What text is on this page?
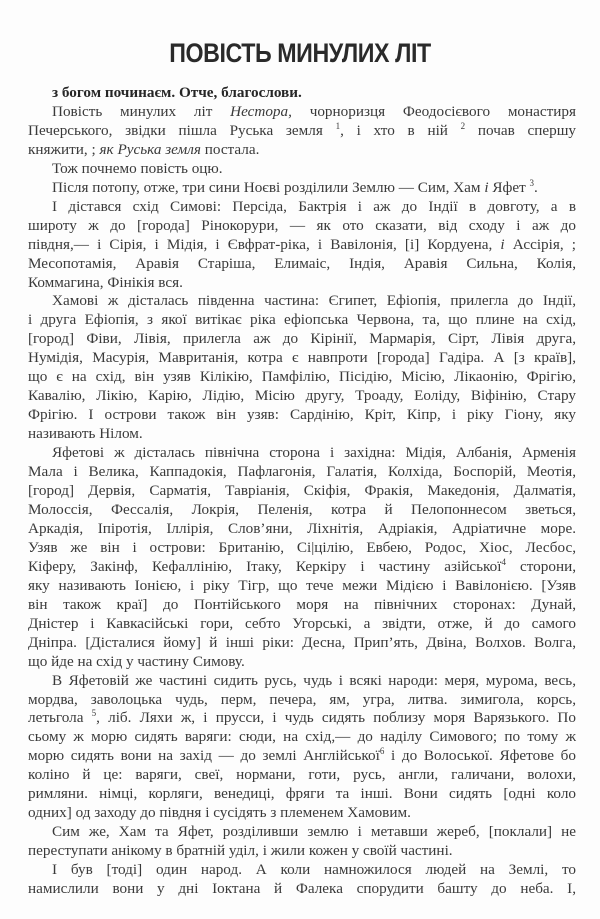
ПОВІСТЬ МИНУЛИХ ЛІТ
з богом починаєм. Отче, благослови.
Повість минулих літ Нестора, чорноризця Феодосієвого монастиря
Печерського, звідки пішла Руська земля $^1$, і хто в ній $^2$ почав спершу
княжити, ; як Руська земля постала.
Тож почнемо повість оцю.
Після потопу, отже, три сини Ноєві розділили Землю — Сим, Хам і Яфет $^3$.
І дістався схід Симові: Персіда, Бактрія і аж до Індії в довготу, а в
широту ж до [города] Рінокорури, — як ото сказати, від сходу і аж до
півдня,— і Сірія, і Мідія, і Євфрат-ріка, і Вавілонія, [і] Кордуена, і Ассірія, ;
Месопотамія, Аравія Старіша, Елимаіс, Індія, Аравія Сильна, Колія,
Коммагина, Фінікія вся.
Хамові ж дісталась південна частина: Єгипет, Ефіопія, прилегла до Індії,
і друга Ефіопія, з якої витікає ріка ефіопська Червона, та, що плине на схід,
[город] Фіви, Лівія, прилегла аж до Кірінії, Мармарія, Сірт, Лівія друга,
Нумідія, Масурія, Мавританія, котра є навпроти [города] Гадіра. А [з країв],
що є на схід, він узяв Кілікію, Памфілію, Пісідію, Місію, Лікаонію, Фрігію,
Кавалію, Лікію, Карію, Лідію, Місію другу, Троаду, Еоліду, Віфінію, Стару
Фрігію. І острови також він узяв: Сардінію, Кріт, Кіпр, і ріку Гіону, яку
називають Нілом.
Яфетові ж дісталась північна сторона і західна: Мідія, Албанія, Арменія
Мала і Велика, Каппадокія, Пафлагонія, Галатія, Колхіда, Боспорій, Меотія,
[город] Дервія, Сарматія, Тавріанія, Скіфія, Фракія, Македонія, Далматія,
Молоссія, Фессалія, Локрія, Пеленія, котра й Пелопоннесом зветься,
Аркадія, Іпіротія, Іллірія, Слов’яни, Ліхнітія, Адріакія, Адріатичне море.
Узяв же він і острови: Британію, Сі|цілію, Евбею, Родос, Хіос, Лесбос,
Кіферу, Закінф, Кефаллінію, Ітаку, Керкіру і частину азійської$^4$ сторони,
яку називають Іонією, і ріку Тігр, що тече межи Мідією і Вавілонією. [Узяв
він також краї] до Понтійського моря на північних сторонах: Дунай,
Дністер і Кавкасійські гори, себто Угорські, а звідти, отже, й до самого
Дніпра. [Дісталися йому] й інші ріки: Десна, Прип’ять, Двіна, Волхов. Волга,
що йде на схід у частину Симову.
В Яфетовій же частині сидить русь, чудь і всякі народи: меря, мурома, весь,
мордва, заволоцька чудь, перм, печера, ям, угра, литва. зимигола, корсь,
летьгола $^5$, ліб. Ляхи ж, і прусси, і чудь сидять поблизу моря Варязького. По
сьому ж морю сидять варяги: сюди, на схід,— до наділу Симового; по тому ж
морю сидять вони на захід — до землі Англійської$^6$ і до Волоської. Яфетове бо
коліно й це: варяги, свеї, нормани, готи, русь, англи, галичани, волохи,
римляни. німці, корляги, венедиці, фряги та інші. Вони сидять [одні коло
одних] од заходу до півдня і сусідять з племенем Хамовим.
Сим же, Хам та Яфет, розділивши землю і метавши жереб, [поклали] не
переступати анікому в братній уділ, і жили кожен у своїй частині.
І був [тоді] один народ. А коли намножилося людей на Землі, то
намислили вони у дні Іоктана й Фалека спорудити башту до неба. І,
